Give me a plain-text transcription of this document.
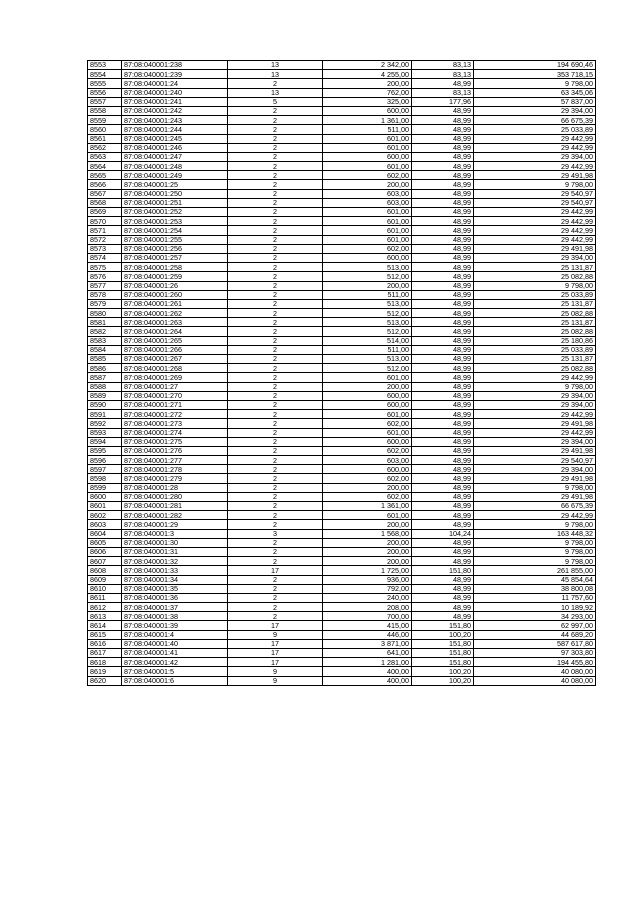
8553	87:08:040001:238	13	2 342,00	83,13	194 690,46
8554	87:08:040001:239	13	4 255,00	83,13	353 718,15
8555	87:08:040001:24	2	200,00	48,99	9 798,00
8556	87:08:040001:240	13	762,00	83,13	63 345,06
8557	87:08:040001:241	5	325,00	177,96	57 837,00
8558	87:08:040001:242	2	600,00	48,99	29 394,00
8559	87:08:040001:243	2	1 361,00	48,99	66 675,39
8560	87:08:040001:244	2	511,00	48,99	25 033,89
8561	87:08:040001:245	2	601,00	48,99	29 442,99
8562	87:08:040001:246	2	601,00	48,99	29 442,99
8563	87:08:040001:247	2	600,00	48,99	29 394,00
8564	87:08:040001:248	2	601,00	48,99	29 442,99
8565	87:08:040001:249	2	602,00	48,99	29 491,98
8566	87:08:040001:25	2	200,00	48,99	9 798,00
8567	87:08:040001:250	2	603,00	48,99	29 540,97
8568	87:08:040001:251	2	603,00	48,99	29 540,97
8569	87:08:040001:252	2	601,00	48,99	29 442,99
8570	87:08:040001:253	2	601,00	48,99	29 442,99
8571	87:08:040001:254	2	601,00	48,99	29 442,99
8572	87:08:040001:255	2	601,00	48,99	29 442,99
8573	87:08:040001:256	2	602,00	48,99	29 491,98
8574	87:08:040001:257	2	600,00	48,99	29 394,00
8575	87:08:040001:258	2	513,00	48,99	25 131,87
8576	87:08:040001:259	2	512,00	48,99	25 082,88
8577	87:08:040001:26	2	200,00	48,99	9 798,00
8578	87:08:040001:260	2	511,00	48,99	25 033,89
8579	87:08:040001:261	2	513,00	48,99	25 131,87
8580	87:08:040001:262	2	512,00	48,99	25 082,88
8581	87:08:040001:263	2	513,00	48,99	25 131,87
8582	87:08:040001:264	2	512,00	48,99	25 082,88
8583	87:08:040001:265	2	514,00	48,99	25 180,86
8584	87:08:040001:266	2	511,00	48,99	25 033,89
8585	87:08:040001:267	2	513,00	48,99	25 131,87
8586	87:08:040001:268	2	512,00	48,99	25 082,88
8587	87:08:040001:269	2	601,00	48,99	29 442,99
8588	87:08:040001:27	2	200,00	48,99	9 798,00
8589	87:08:040001:270	2	600,00	48,99	29 394,00
8590	87:08:040001:271	2	600,00	48,99	29 394,00
8591	87:08:040001:272	2	601,00	48,99	29 442,99
8592	87:08:040001:273	2	602,00	48,99	29 491,98
8593	87:08:040001:274	2	601,00	48,99	29 442,99
8594	87:08:040001:275	2	600,00	48,99	29 394,00
8595	87:08:040001:276	2	602,00	48,99	29 491,98
8596	87:08:040001:277	2	603,00	48,99	29 540,97
8597	87:08:040001:278	2	600,00	48,99	29 394,00
8598	87:08:040001:279	2	602,00	48,99	29 491,98
8599	87:08:040001:28	2	200,00	48,99	9 798,00
8600	87:08:040001:280	2	602,00	48,99	29 491,98
8601	87:08:040001:281	2	1 361,00	48,99	66 675,39
8602	87:08:040001:282	2	601,00	48,99	29 442,99
8603	87:08:040001:29	2	200,00	48,99	9 798,00
8604	87:08:040001:3	3	1 568,00	104,24	163 448,32
8605	87:08:040001:30	2	200,00	48,99	9 798,00
8606	87:08:040001:31	2	200,00	48,99	9 798,00
8607	87:08:040001:32	2	200,00	48,99	9 798,00
8608	87:08:040001:33	17	1 725,00	151,80	261 855,00
8609	87:08:040001:34	2	936,00	48,99	45 854,64
8610	87:08:040001:35	2	792,00	48,99	38 800,08
8611	87:08:040001:36	2	240,00	48,99	11 757,60
8612	87:08:040001:37	2	208,00	48,99	10 189,92
8613	87:08:040001:38	2	700,00	48,99	34 293,00
8614	87:08:040001:39	17	415,00	151,80	62 997,00
8615	87:08:040001:4	9	446,00	100,20	44 689,20
8616	87:08:040001:40	17	3 871,00	151,80	587 617,80
8617	87:08:040001:41	17	641,00	151,80	97 303,80
8618	87:08:040001:42	17	1 281,00	151,80	194 455,80
8619	87:08:040001:5	9	400,00	100,20	40 080,00
8620	87:08:040001:6	9	400,00	100,20	40 080,00
